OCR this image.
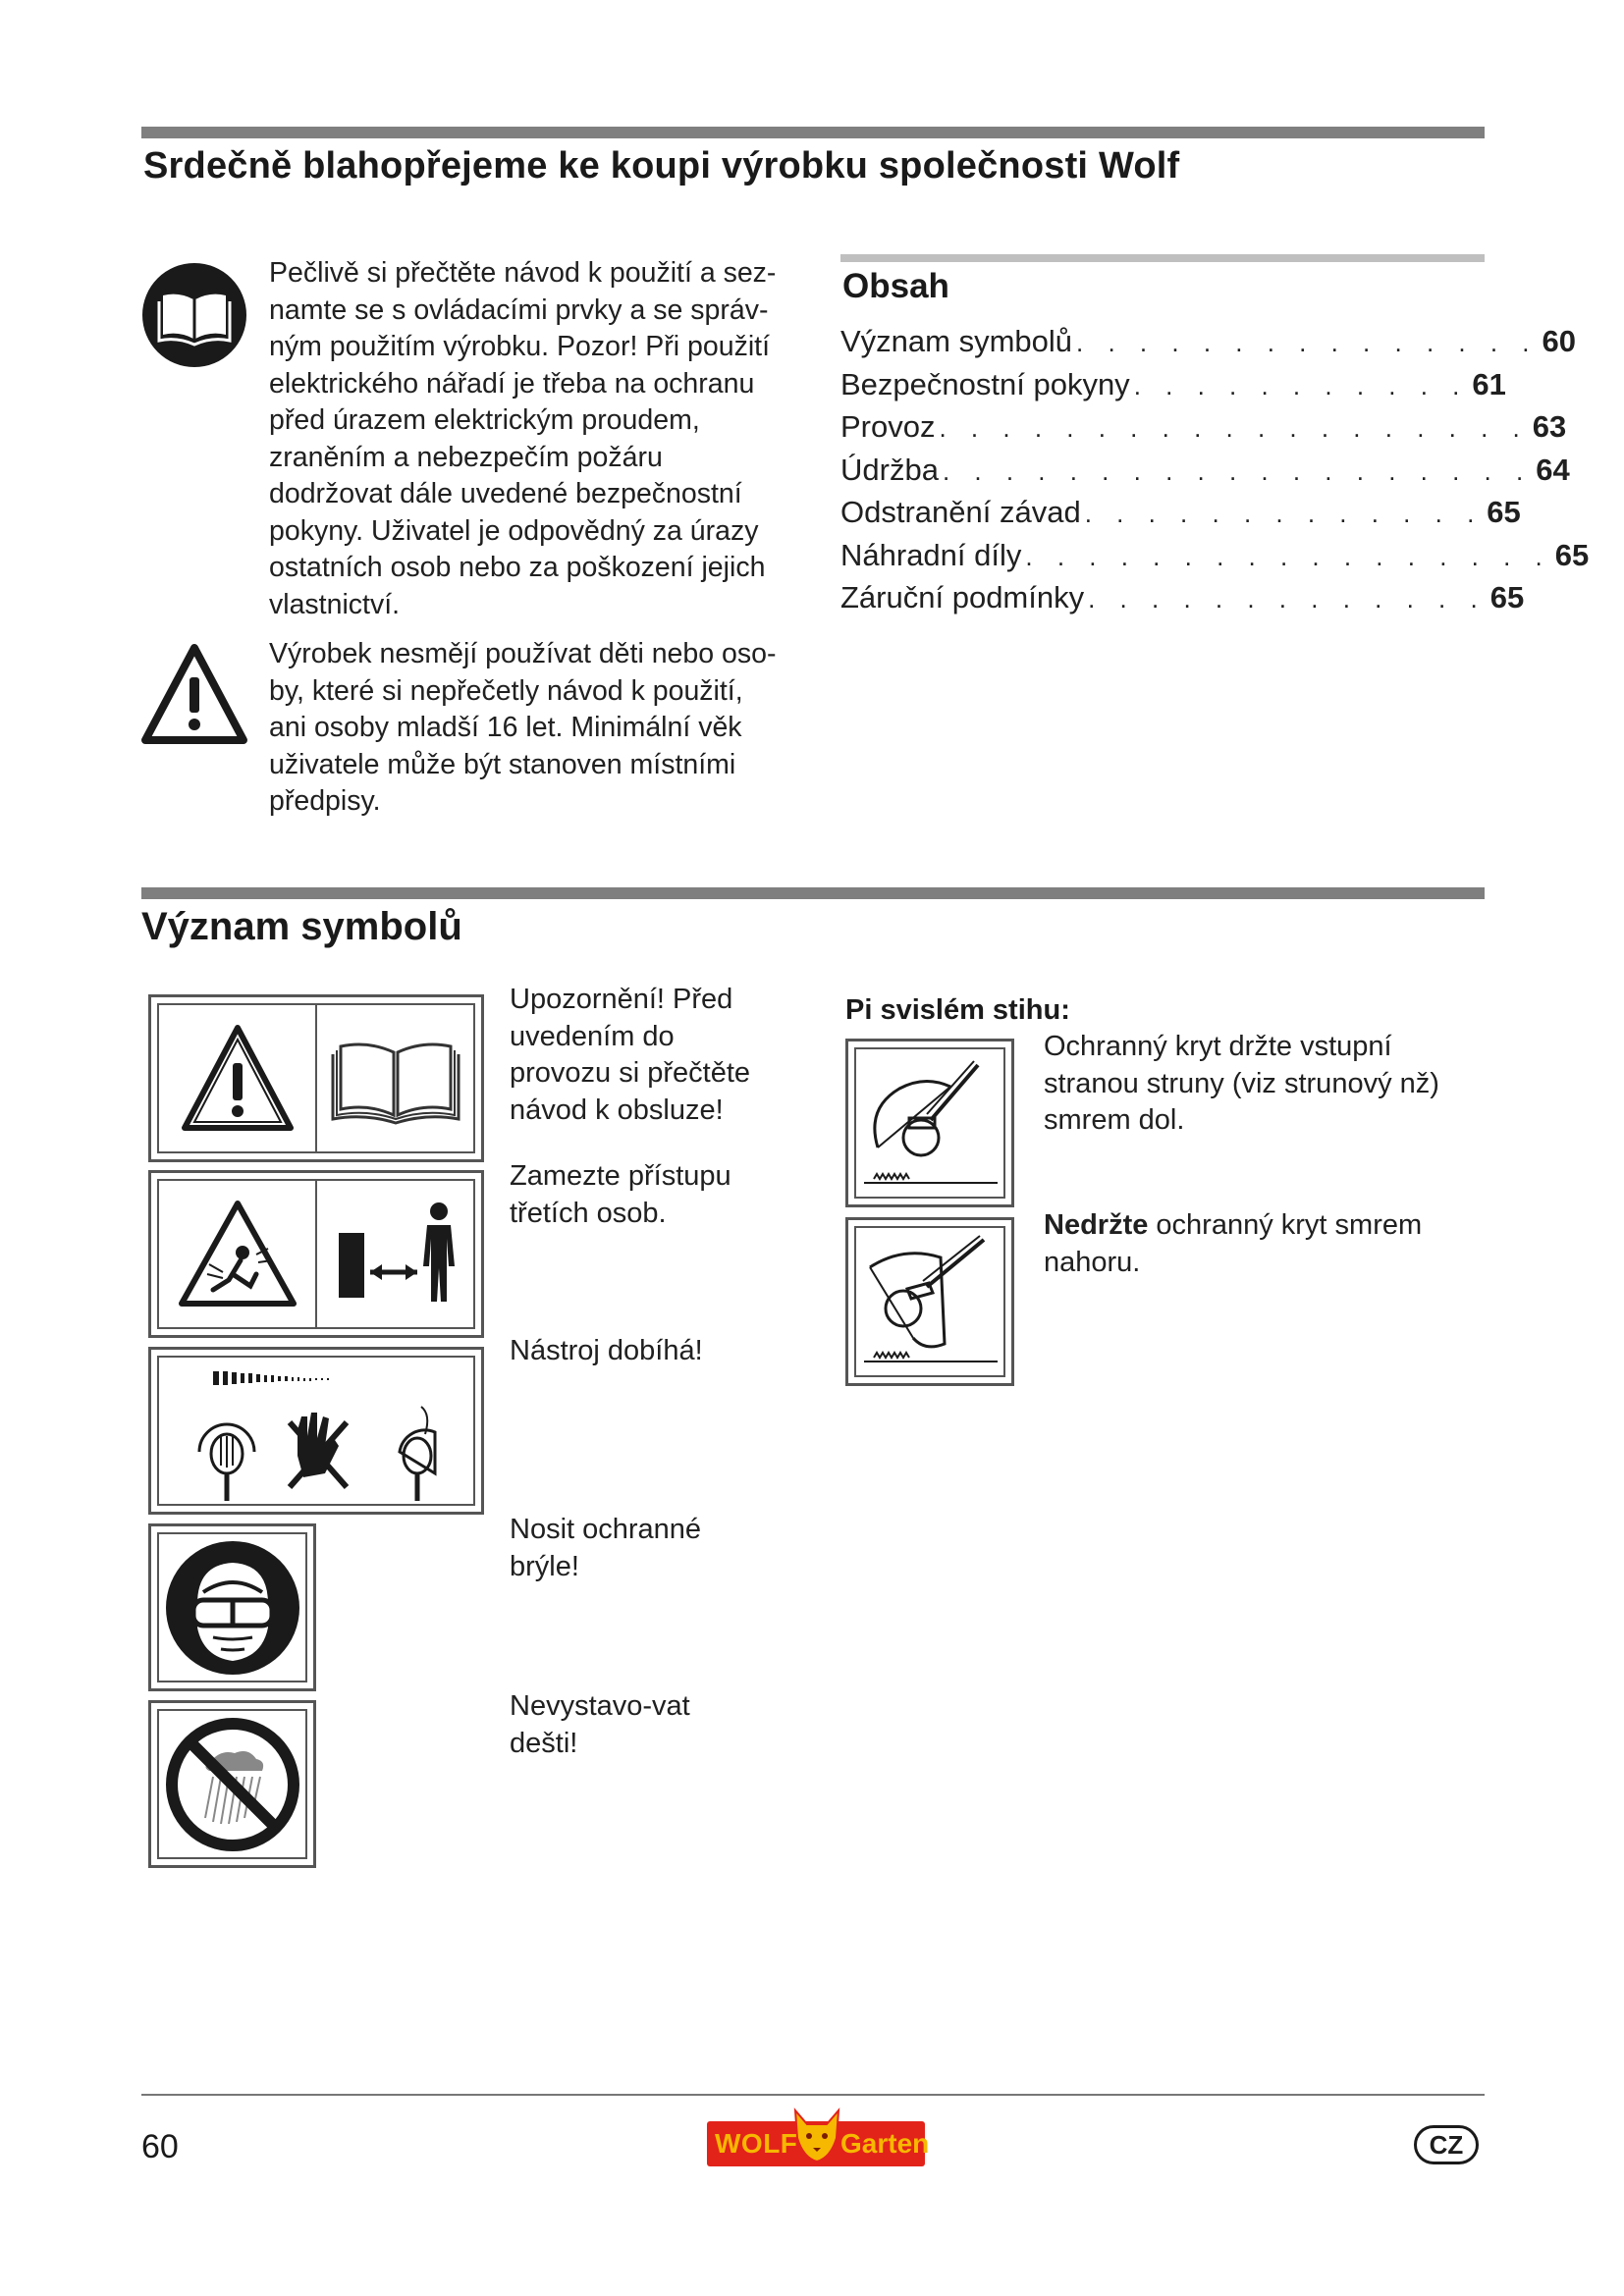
Srdečně blahopřejeme ke koupi výrobku společnosti Wolf
Pečlivě si přečtěte návod k použití a sez-
namte se s ovládacími prvky a se správ-
ným použitím výrobku. Pozor! Při použití
elektrického nářadí je třeba na ochranu
před úrazem elektrickým proudem,
zraněním a nebezpečím požáru
dodržovat dále uvedené bezpečnostní
pokyny. Uživatel je odpovědný za úrazy
ostatních osob nebo za poškození jejich
vlastnictví.
Výrobek nesmějí používat děti nebo oso-
by, které si nepřečetly návod k použití,
ani osoby mladší 16 let. Minimální věk
uživatele může být stanoven místními
předpisy.
Obsah
Význam symbolů . . . . . . . . . . . . . . . 60
Bezpečnostní pokyny . . . . . . . . . . . 61
Provoz . . . . . . . . . . . . . . . . . . . 63
Údržba . . . . . . . . . . . . . . . . . . . 64
Odstranění závad . . . . . . . . . . . . . 65
Náhradní díly . . . . . . . . . . . . . . . . . 65
Záruční podmínky . . . . . . . . . . . . . 65
Význam symbolů
Upozornění! Před
uvedením do
provozu si přečtěte
návod k obsluze!
Zamezte přístupu
třetích osob.
Nástroj dobíhá!
Nosit ochranné
brýle!
Nevystavo-vat
dešti!
Pi svislém stihu:
Ochranný kryt držte vstupní
stranou struny (viz strunový nž)
smrem dol.
Nedržte ochranný kryt smrem
nahoru.
60	WOLF Garten	CZ
